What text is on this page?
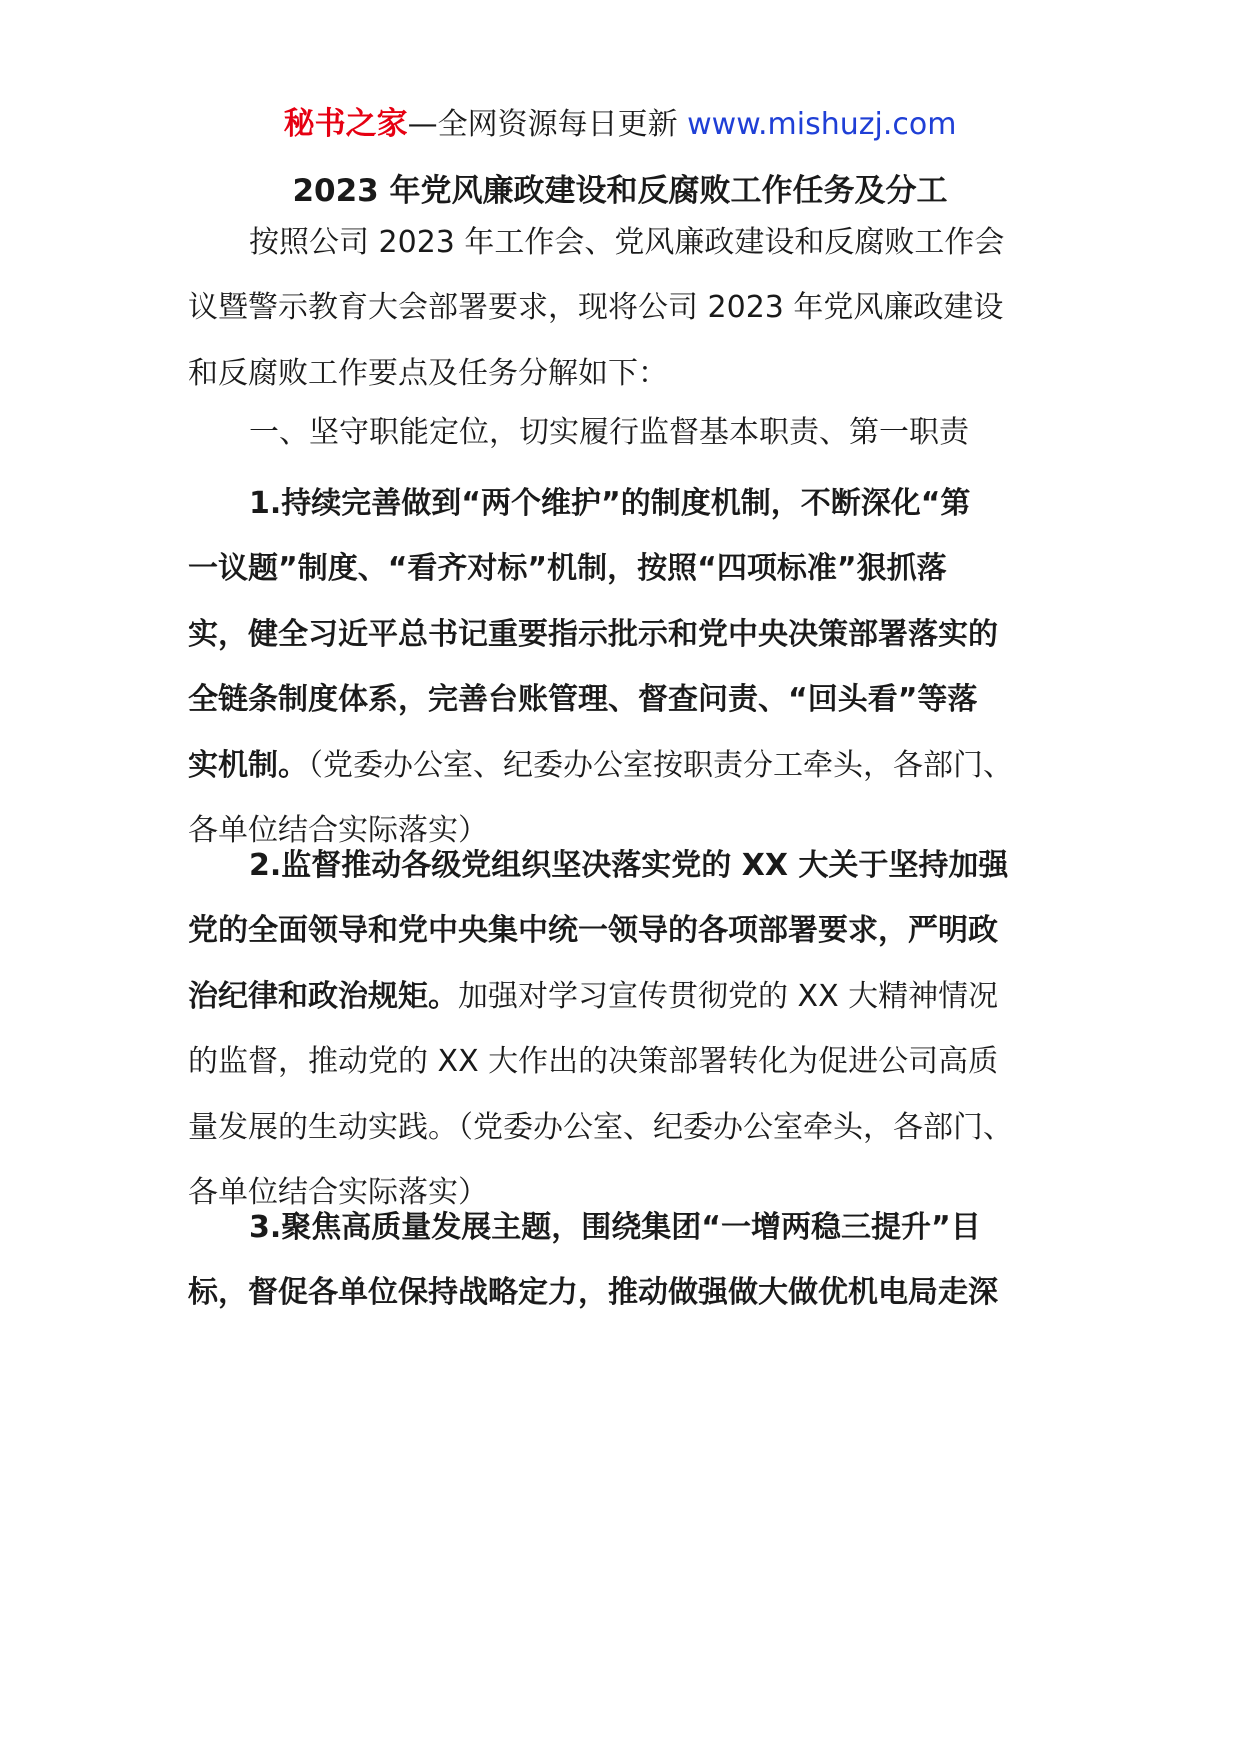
秘书之家—全网资源每日更新 www.mishuzj.com
2023 年党风廉政建设和反腐败工作任务及分工
按照公司 2023 年工作会、党风廉政建设和反腐败工作会
议暨警示教育大会部署要求，现将公司 2023 年党风廉政建设
和反腐败工作要点及任务分解如下：
一、坚守职能定位，切实履行监督基本职责、第一职责
1.持续完善做到“两个维护”的制度机制，不断深化“第
一议题”制度、“看齐对标”机制，按照“四项标准”狠抓落
实，健全习近平总书记重要指示批示和党中央决策部署落实的
全链条制度体系，完善台账管理、督查问责、“回头看”等落
实机制。（党委办公室、纪委办公室按职责分工牵头，各部门、
各单位结合实际落实）
2.监督推动各级党组织坚决落实党的 XX 大关于坚持加强
党的全面领导和党中央集中统一领导的各项部署要求，严明政
治纪律和政治规矩。加强对学习宣传贯彻党的 XX 大精神情况
的监督，推动党的 XX 大作出的决策部署转化为促进公司高质
量发展的生动实践。（党委办公室、纪委办公室牵头，各部门、
各单位结合实际落实）
3.聚焦高质量发展主题，围绕集团“一增两稳三提升”目
标，督促各单位保持战略定力，推动做强做大做优机电局走深
